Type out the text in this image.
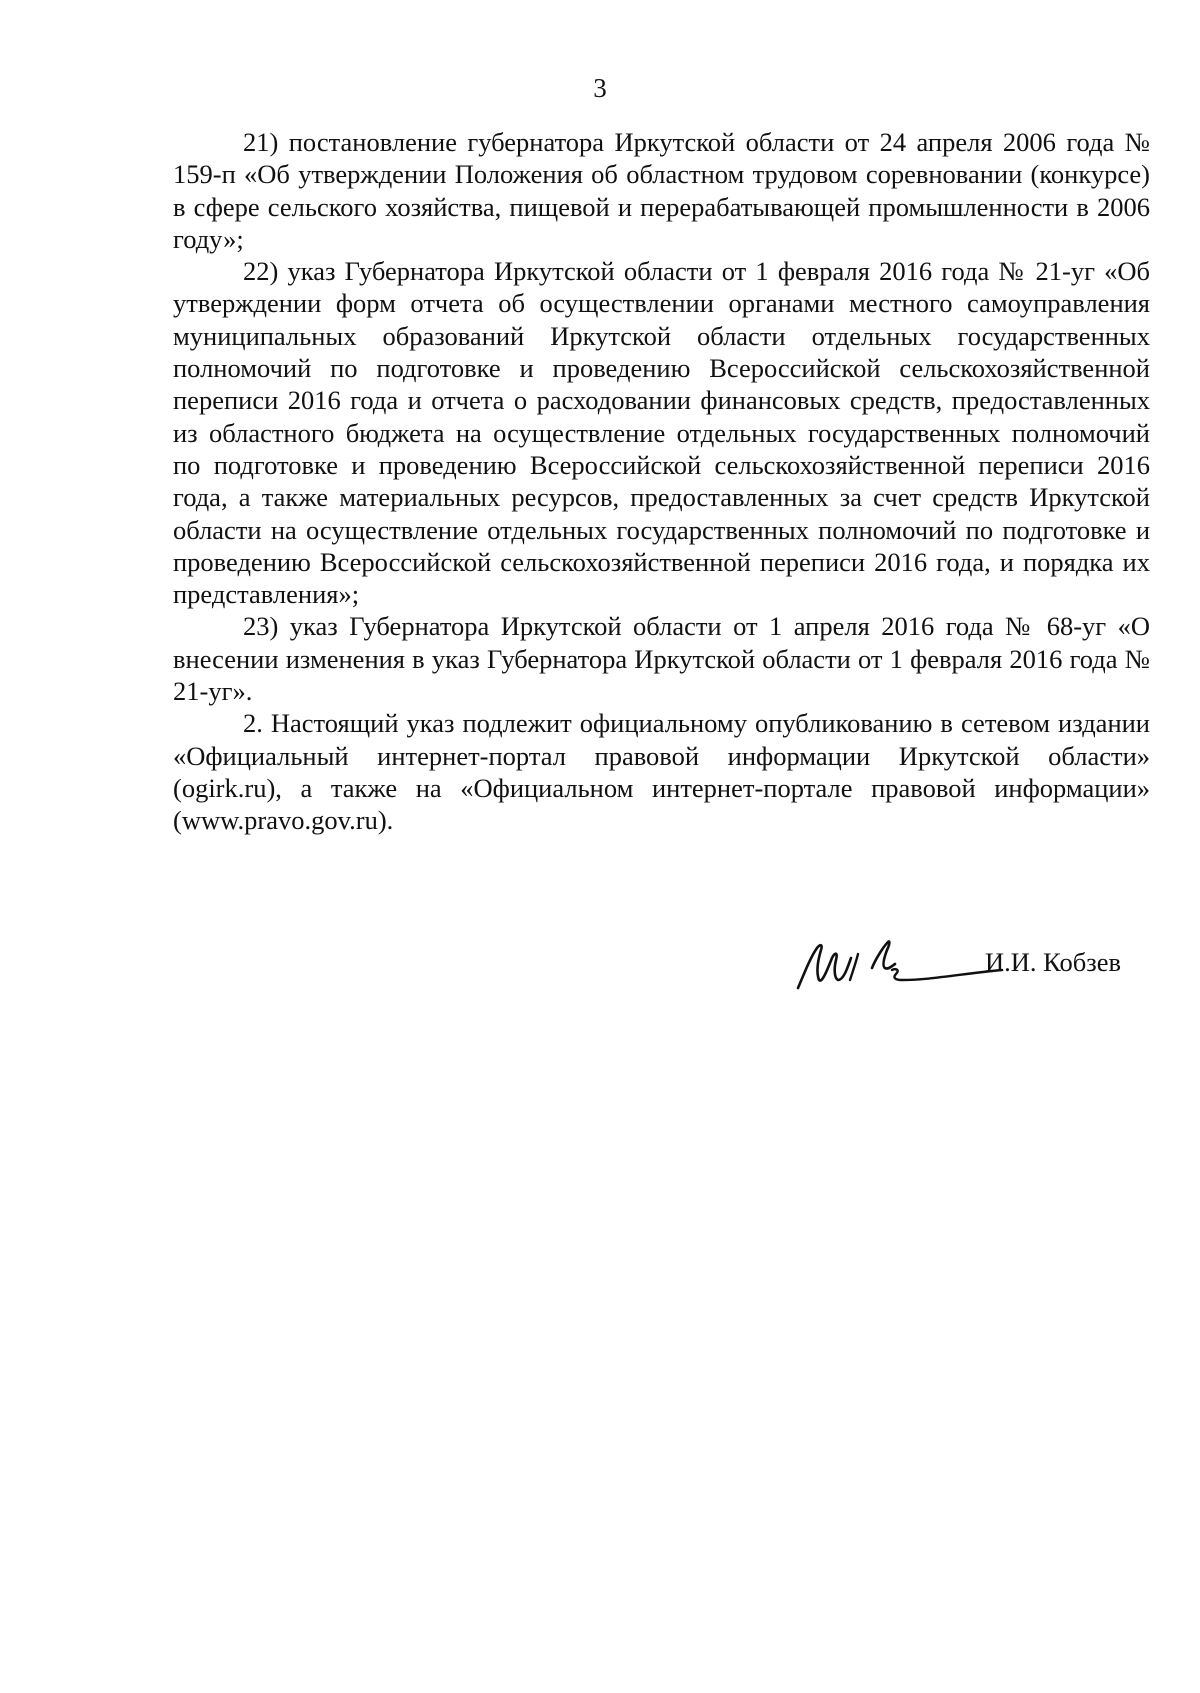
3

21) постановление губернатора Иркутской области от 24 апреля 2006 года № 159-п «Об утверждении Положения об областном трудовом соревновании (конкурсе) в сфере сельского хозяйства, пищевой и перерабатывающей промышленности в 2006 году»;

22) указ Губернатора Иркутской области от 1 февраля 2016 года № 21-уг «Об утверждении форм отчета об осуществлении органами местного самоуправления муниципальных образований Иркутской области отдельных государственных полномочий по подготовке и проведению Всероссийской сельскохозяйственной переписи 2016 года и отчета о расходовании финансовых средств, предоставленных из областного бюджета на осуществление отдельных государственных полномочий по подготовке и проведению Всероссийской сельскохозяйственной переписи 2016 года, а также материальных ресурсов, предоставленных за счет средств Иркутской области на осуществление отдельных государственных полномочий по подготовке и проведению Всероссийской сельскохозяйственной переписи 2016 года, и порядка их представления»;

23) указ Губернатора Иркутской области от 1 апреля 2016 года № 68-уг «О внесении изменения в указ Губернатора Иркутской области от 1 февраля 2016 года № 21-уг».

2. Настоящий указ подлежит официальному опубликованию в сетевом издании «Официальный интернет-портал правовой информации Иркутской области» (ogirk.ru), а также на «Официальном интернет-портале правовой информации» (www.pravo.gov.ru).

И.И. Кобзев
